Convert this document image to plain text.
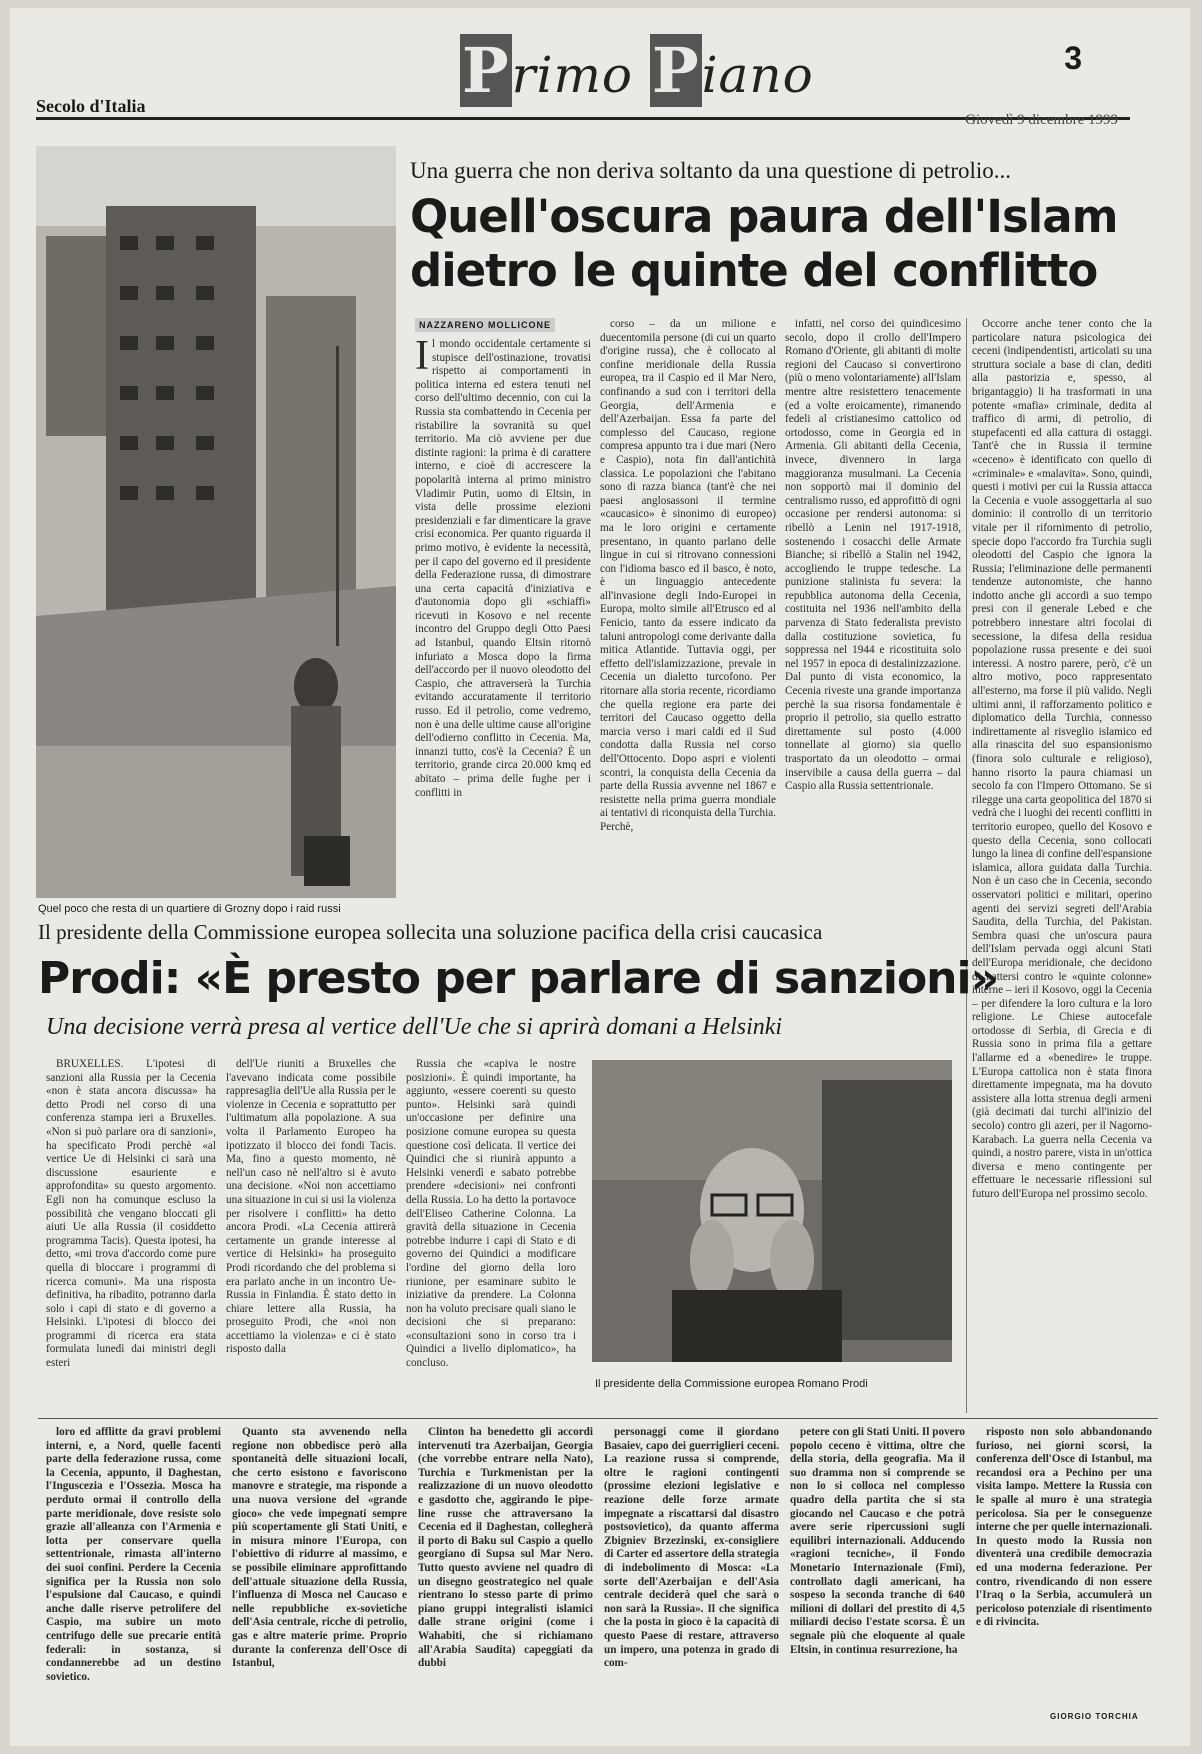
Primo Piano	3
Secolo d'Italia
Giovedì 9 dicembre 1999
Quel poco che resta di un quartiere di Grozny dopo i raid russi
Una guerra che non deriva soltanto da una questione di petrolio...
Quell'oscura paura dell'Islam
dietro le quinte del conflitto
NAZZARENO MOLLICONE

Il mondo occidentale certamente si stupisce dell'ostinazione, trovatisi rispetto ai comportamenti in politica interna ed estera tenuti nel corso dell'ultimo decennio, con cui la Russia sta combattendo in Cecenia per ristabilire la sovranità su quel territorio. Ma ciò avviene per due distinte ragioni: la prima è di carattere interno, e cioè di accrescere la popolarità interna al primo ministro Vladimir Putin, uomo di Eltsin, in vista delle prossime elezioni presidenziali e far dimenticare la grave crisi economica. Per quanto riguarda il primo motivo, è evidente la necessità, per il capo del governo ed il presidente della Federazione russa, di dimostrare una certa capacità d'iniziativa e d'autonomia dopo gli «schiaffi» ricevuti in Kosovo e nel recente incontro del Gruppo degli Otto Paesi ad Istanbul, quando Eltsin ritornò infuriato a Mosca dopo la firma dell'accordo per il nuovo oleodotto del Caspio, che attraverserà la Turchia evitando accuratamente il territorio russo. Ed il petrolio, come vedremo, non è una delle ultime cause all'origine dell'odierno conflitto in Cecenia. Ma, innanzi tutto, cos'è la Cecenia? È un territorio, grande circa 20.000 kmq ed abitato – prima delle fughe per i conflitti in

corso – da un milione e duecentomila persone (di cui un quarto d'origine russa), che è collocato al confine meridionale della Russia europea, tra il Caspio ed il Mar Nero, confinando a sud con i territori della Georgia, dell'Armenia e dell'Azerbaijan. Essa fa parte del complesso del Caucaso, regione compresa appunto tra i due mari (Nero e Caspio), nota fin dall'antichità classica. Le popolazioni che l'abitano sono di razza bianca (tant'è che nei paesi anglosassoni il termine «caucasico» è sinonimo di europeo) ma le loro origini e certamente presentano, in quanto parlano delle lingue in cui si ritrovano connessioni con l'idioma basco ed il basco, è noto, è un linguaggio antecedente all'invasione degli Indo-Europei in Europa, molto simile all'Etrusco ed al Fenicio, tanto da essere indicato da taluni antropologi come derivante dalla mitica Atlantide. Tuttavia oggi, per effetto dell'islamizzazione, prevale in Cecenia un dialetto turcofono. Per ritornare alla storia recente, ricordiamo che quella regione era parte dei territori del Caucaso oggetto della marcia verso i mari caldi ed il Sud condotta dalla Russia nel corso dell'Ottocento. Dopo aspri e violenti scontri, la conquista della Cecenia da parte della Russia avvenne nel 1867 e resistette nella prima guerra mondiale ai tentativi di riconquista della Turchia. Perchè,

infatti, nel corso dei quindicesimo secolo, dopo il crollo dell'Impero Romano d'Oriente, gli abitanti di molte regioni del Caucaso si convertirono (più o meno volontariamente) all'Islam mentre altre resistettero tenacemente (ed a volte eroicamente), rimanendo fedeli al cristianesimo cattolico od ortodosso, come in Georgia ed in Armenia. Gli abitanti della Cecenia, invece, divennero in larga maggioranza musulmani. La Cecenia non sopportò mai il dominio del centralismo russo, ed approfittò di ogni occasione per rendersi autonoma: si ribellò a Lenin nel 1917-1918, sostenendo i cosacchi delle Armate Bianche; si ribellò a Stalin nel 1942, accogliendo le truppe tedesche. La punizione stalinista fu severa: la repubblica autonoma della Cecenia, costituita nel 1936 nell'ambito della parvenza di Stato federalista previsto dalla costituzione sovietica, fu soppressa nel 1944 e ricostituita solo nel 1957 in epoca di destalinizzazione. Dal punto di vista economico, la Cecenia riveste una grande importanza perchè la sua risorsa fondamentale è proprio il petrolio, sia quello estratto direttamente sul posto (4.000 tonnellate al giorno) sia quello trasportato da un oleodotto – ormai inservibile a causa della guerra – dal Caspio alla Russia settentrionale.

Occorre anche tener conto che la particolare natura psicologica dei ceceni (indipendentisti, articolati su una struttura sociale a base di clan, dediti alla pastorizia e, spesso, al brigantaggio) li ha trasformati in una potente «mafia» criminale, dedita al traffico di armi, di petrolio, di stupefacenti ed alla cattura di ostaggi. Tant'è che in Russia il termine «ceceno» è identificato con quello di «criminale» e «malavita». Sono, quindi, questi i motivi per cui la Russia attacca la Cecenia e vuole assoggettarla al suo dominio: il controllo di un territorio vitale per il rifornimento di petrolio, specie dopo l'accordo fra Turchia sugli oleodotti del Caspio che ignora la Russia; l'eliminazione delle permanenti tendenze autonomiste, che hanno indotto anche gli accordi a suo tempo presi con il generale Lebed e che potrebbero innestare altri focolai di secessione, la difesa della residua popolazione russa presente e dei suoi interessi. A nostro parere, però, c'è un altro motivo, poco rappresentato all'esterno, ma forse il più valido. Negli ultimi anni, il rafforzamento politico e diplomatico della Turchia, connesso indirettamente al risveglio islamico ed alla rinascita del suo espansionismo (finora solo culturale e religioso), hanno risorto la paura chiamasi un secolo fa con l'Impero Ottomano. Se si rilegge una carta geopolitica del 1870 si vedrà che i luoghi dei recenti conflitti in territorio europeo, quello del Kosovo e questo della Cecenia, sono collocati lungo la linea di confine dell'espansione islamica, allora guidata dalla Turchia. Non è un caso che in Cecenia, secondo osservatori politici e militari, operino agenti dei servizi segreti dell'Arabia Saudita, della Turchia, del Pakistan. Sembra quasi che un'oscura paura dell'Islam pervada oggi alcuni Stati dell'Europa meridionale, che decidono di battersi contro le «quinte colonne» interne – ieri il Kosovo, oggi la Cecenia – per difendere la loro cultura e la loro religione. Le Chiese autocefale ortodosse di Serbia, di Grecia e di Russia sono in prima fila a gettare l'allarme ed a «benedire» le truppe. L'Europa cattolica non è stata finora direttamente impegnata, ma ha dovuto assistere alla lotta strenua degli armeni (già decimati dai turchi all'inizio del secolo) contro gli azeri, per il Nagorno-Karabach. La guerra nella Cecenia va quindi, a nostro parere, vista in un'ottica diversa e meno contingente per effettuare le necessarie riflessioni sul futuro dell'Europa nel prossimo secolo.

Il presidente della Commissione europea sollecita una soluzione pacifica della crisi caucasica
Prodi: «È presto per parlare di sanzioni»
Una decisione verrà presa al vertice dell'Ue che si aprirà domani a Helsinki

BRUXELLES. L'ipotesi di sanzioni alla Russia per la Cecenia «non è stata ancora discussa» ha detto Prodi nel corso di una conferenza stampa ieri a Bruxelles. «Non si può parlare ora di sanzioni», ha specificato Prodi perchè «al vertice Ue di Helsinki ci sarà una discussione esauriente e approfondita» su questo argomento. Egli non ha comunque escluso la possibilità che vengano bloccati gli aiuti Ue alla Russia (il cosiddetto programma Tacis). Questa ipotesi, ha detto, «mi trova d'accordo come pure quella di bloccare i programmi di ricerca comuni». Ma una risposta definitiva, ha ribadito, potranno darla solo i capi di stato e di governo a Helsinki. L'ipotesi di blocco dei programmi di ricerca era stata formulata lunedì dai ministri degli esteri

dell'Ue riuniti a Bruxelles che l'avevano indicata come possibile rappresaglia dell'Ue alla Russia per le violenze in Cecenia e soprattutto per l'ultimatum alla popolazione. A sua volta il Parlamento Europeo ha ipotizzato il blocco dei fondi Tacis. Ma, fino a questo momento, nè nell'un caso nè nell'altro si è avuto una decisione. «Noi non accettiamo una situazione in cui si usi la violenza per risolvere i conflitti» ha detto ancora Prodi. «La Cecenia attirerà certamente un grande interesse al vertice di Helsinki» ha proseguito Prodi ricordando che del problema si era parlato anche in un incontro Ue-Russia in Finlandia. È stato detto in chiare lettere alla Russia, ha proseguito Prodi, che «noi non accettiamo la violenza» e ci è stato risposto dalla

Russia che «capiva le nostre posizioni». È quindi importante, ha aggiunto, «essere coerenti su questo punto». Helsinki sarà quindi un'occasione per definire una posizione comune europea su questa questione così delicata. Il vertice dei Quindici che si riunirà appunto a Helsinki venerdì e sabato potrebbe prendere «decisioni» nei confronti della Russia. Lo ha detto la portavoce dell'Eliseo Catherine Colonna. La gravità della situazione in Cecenia potrebbe indurre i capi di Stato e di governo dei Quindici a modificare l'ordine del giorno della loro riunione, per esaminare subito le iniziative da prendere. La Colonna non ha voluto precisare quali siano le decisioni che si preparano: «consultazioni sono in corso tra i Quindici a livello diplomatico», ha concluso.

Il presidente della Commissione europea Romano Prodi

loro ed afflitte da gravi problemi interni, e, a Nord, quelle facenti parte della federazione russa, come la Cecenia, appunto, il Daghestan, l'Inguscezia e l'Ossezia. Mosca ha perduto ormai il controllo della parte meridionale, dove resiste solo grazie all'alleanza con l'Armenia e lotta per conservare quella settentrionale, rimasta all'interno dei suoi confini. Perdere la Cecenia significa per la Russia non solo l'espulsione dal Caucaso, e quindi anche dalle riserve petrolifere del Caspio, ma subire un moto centrifugo delle sue precarie entità federali: in sostanza, si condannerebbe ad un destino sovietico.

Quanto sta avvenendo nella regione non obbedisce però alla spontaneità delle situazioni locali, che certo esistono e favoriscono manovre e strategie, ma risponde a una nuova versione del «grande gioco» che vede impegnati sempre più scopertamente gli Stati Uniti, e in misura minore l'Europa, con l'obiettivo di ridurre al massimo, e se possibile eliminare approfittando dell'attuale situazione della Russia, l'influenza di Mosca nel Caucaso e nelle repubbliche ex-sovietiche dell'Asia centrale, ricche di petrolio, gas e altre materie prime. Proprio durante la conferenza dell'Osce di Istanbul,

Clinton ha benedetto gli accordi intervenuti tra Azerbaijan, Georgia (che vorrebbe entrare nella Nato), Turchia e Turkmenistan per la realizzazione di un nuovo oleodotto e gasdotto che, aggirando le pipe-line russe che attraversano la Cecenia ed il Daghestan, collegherà il porto di Baku sul Caspio a quello georgiano di Supsa sul Mar Nero. Tutto questo avviene nel quadro di un disegno geostrategico nel quale rientrano lo stesso parte di primo piano gruppi integralisti islamici dalle strane origini (come i Wahabiti, che si richiamano all'Arabia Saudita) capeggiati da dubbi

personaggi come il giordano Basaiev, capo dei guerriglieri ceceni. La reazione russa si comprende, oltre le ragioni contingenti (prossime elezioni legislative e reazione delle forze armate impegnate a riscattarsi dal disastro postsovietico), da quanto afferma Zbigniev Brzezinski, ex-consigliere di Carter ed assertore della strategia di indebolimento di Mosca: «La sorte dell'Azerbaijan e dell'Asia centrale deciderà quel che sarà o non sarà la Russia». Il che significa che la posta in gioco è la capacità di questo Paese di restare, attraverso un impero, una potenza in grado di com-

petere con gli Stati Uniti. Il povero popolo ceceno è vittima, oltre che della storia, della geografia. Ma il suo dramma non si comprende se non lo si colloca nel complesso quadro della partita che si sta giocando nel Caucaso e che potrà avere serie ripercussioni sugli equilibri internazionali. Adducendo «ragioni tecniche», il Fondo Monetario Internazionale (Fmi), controllato dagli americani, ha sospeso la seconda tranche di 640 milioni di dollari del prestito di 4,5 miliardi deciso l'estate scorsa. È un segnale più che eloquente al quale Eltsin, in continua resurrezione, ha

risposto non solo abbandonando furioso, nei giorni scorsi, la conferenza dell'Osce di Istanbul, ma recandosi ora a Pechino per una visita lampo. Mettere la Russia con le spalle al muro è una strategia pericolosa. Sia per le conseguenze interne che per quelle internazionali. In questo modo la Russia non diventerà una credibile democrazia ed una moderna federazione. Per contro, rivendicando di non essere l'Iraq o la Serbia, accumulerà un pericoloso potenziale di risentimento e di rivincita.

GIORGIO TORCHIA
